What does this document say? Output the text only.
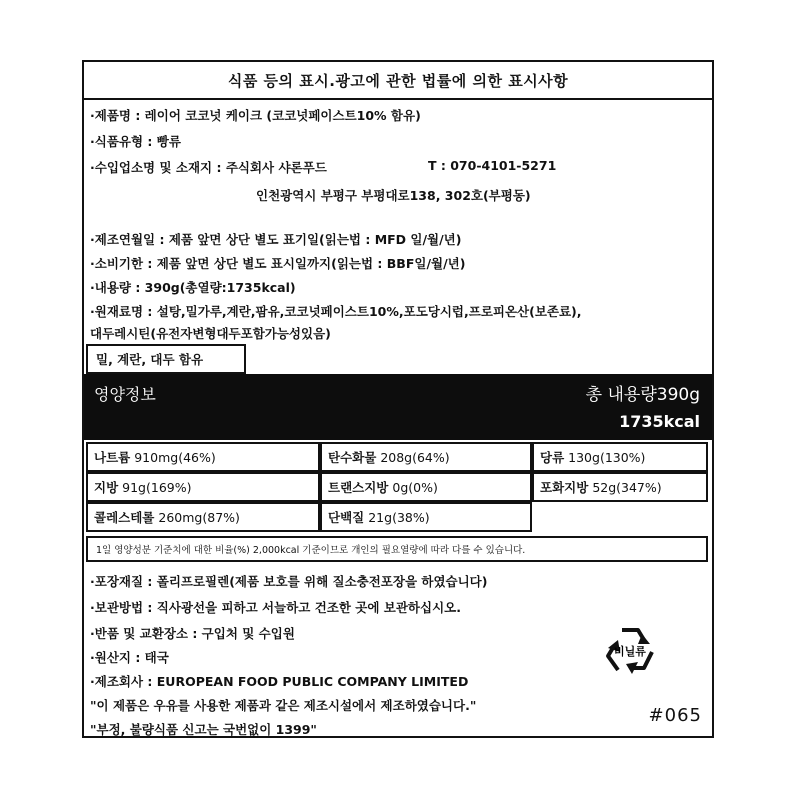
식품 등의 표시.광고에 관한 법률에 의한 표시사항
·제품명 : 레이어 코코넛 케이크 (코코넛페이스트10% 함유)
·식품유형 : 빵류
·수입업소명 및 소재지 : 주식회사 샤론푸드	T : 070-4101-5271
인천광역시 부평구 부평대로138, 302호(부평동)
·제조연월일 : 제품 앞면 상단 별도 표기일(읽는법 : MFD 일/월/년)
·소비기한 : 제품 앞면 상단 별도 표시일까지(읽는법 : BBF일/월/년)
·내용량 : 390g(총열량:1735kcal)
·원재료명 : 설탕,밀가루,계란,팜유,코코넛페이스트10%,포도당시럽,프로피온산(보존료),
대두레시틴(유전자변형대두포함가능성있음)
밀, 계란, 대두 함유
영양정보	총 내용량390g
1735kcal
나트륨 910mg(46%)	탄수화물 208g(64%)	당류 130g(130%)
지방 91g(169%)	트랜스지방 0g(0%)	포화지방 52g(347%)
콜레스테롤 260mg(87%)	단백질 21g(38%)
1일 영양성분 기준치에 대한 비율(%) 2,000kcal 기준이므로 개인의 필요열량에 따라 다를 수 있습니다.
·포장재질 : 폴리프로필렌(제품 보호를 위해 질소충전포장을 하였습니다)
·보관방법 : 직사광선을 피하고 서늘하고 건조한 곳에 보관하십시오.
·반품 및 교환장소 : 구입처 및 수입원
·원산지 : 태국
·제조회사 : EUROPEAN FOOD PUBLIC COMPANY LIMITED
"이 제품은 우유를 사용한 제품과 같은 제조시설에서 제조하였습니다."
"부정, 불량식품 신고는 국번없이 1399"
비닐류
#065
